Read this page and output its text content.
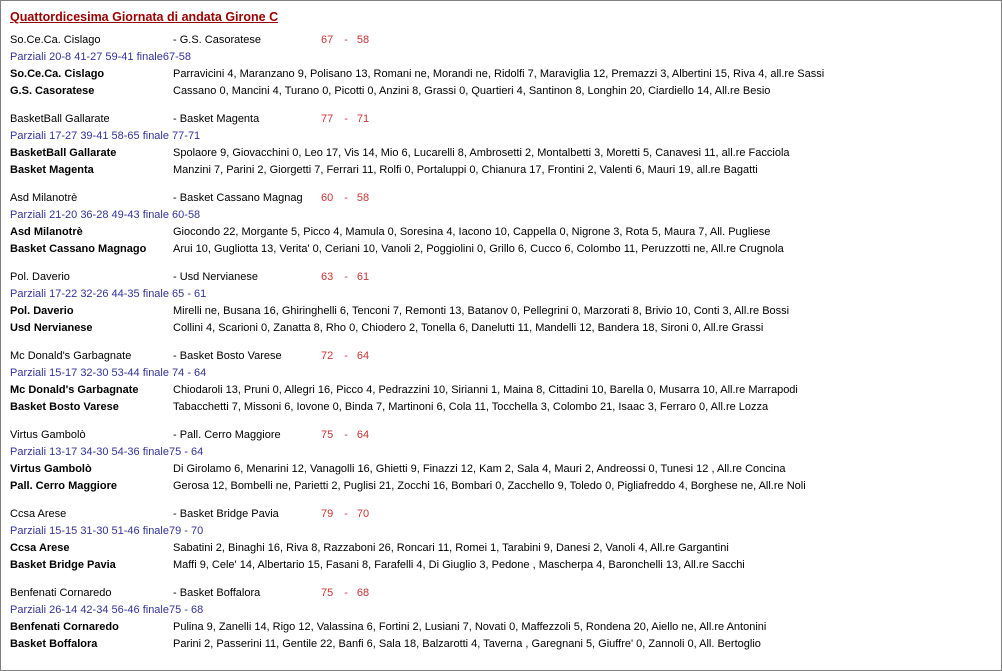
Quattordicesima Giornata di andata Girone C
So.Ce.Ca. Cislago	- G.S. Casoratese	67 - 58
Parziali 20-8 41-27 59-41 finale67-58
So.Ce.Ca. Cislago	Parravicini 4, Maranzano 9, Polisano 13, Romani ne, Morandi ne, Ridolfi 7, Maraviglia 12, Premazzi 3, Albertini 15, Riva 4, all.re Sassi
G.S. Casoratese	Cassano 0, Mancini 4, Turano 0, Picotti 0, Anzini 8, Grassi 0, Quartieri 4, Santinon 8, Longhin 20, Ciardiello 14, All.re Besio
BasketBall Gallarate	- Basket Magenta	77 - 71
Parziali 17-27 39-41 58-65 finale 77-71
BasketBall Gallarate	Spolaore 9, Giovacchini 0, Leo 17, Vis 14, Mio 6, Lucarelli 8, Ambrosetti 2, Montalbetti 3, Moretti 5, Canavesi 11, all.re Facciola
Basket Magenta	Manzini 7, Parini 2, Giorgetti 7, Ferrari 11, Rolfi 0, Portaluppi 0, Chianura 17, Frontini 2, Valenti 6, Mauri 19, all.re Bagatti
Asd Milanotrè	- Basket Cassano Magnag 60 - 58
Parziali 21-20 36-28 49-43 finale 60-58
Asd Milanotrè	Giocondo 22, Morgante 5, Picco 4, Mamula 0, Soresina 4, Iacono 10, Cappella 0, Nigrone 3, Rota 5, Maura 7, All. Pugliese
Basket Cassano Magnago	Arui 10, Gugliotta 13, Verita' 0, Ceriani 10, Vanoli 2, Poggiolini 0, Grillo 6, Cucco 6, Colombo 11, Peruzzotti ne, All.re Crugnola
Pol. Daverio	- Usd Nervianese	63 - 61
Parziali 17-22 32-26 44-35 finale 65 - 61
Pol. Daverio	Mirelli ne, Busana 16, Ghiringhelli 6, Tenconi 7, Remonti 13, Batanov 0, Pellegrini 0, Marzorati 8, Brivio 10, Conti 3, All.re Bossi
Usd Nervianese	Collini 4, Scarioni 0, Zanatta 8, Rho 0, Chiodero 2, Tonella 6, Danelutti 11, Mandelli 12, Bandera 18, Sironi 0, All.re Grassi
Mc Donald's Garbagnate	- Basket Bosto Varese	72 - 64
Parziali 15-17 32-30 53-44 finale 74 - 64
Mc Donald's Garbagnate	Chiodaroli 13, Pruni 0, Allegri 16, Picco 4, Pedrazzini 10, Sirianni 1, Maina 8, Cittadini 10, Barella 0, Musarra 10, All.re Marrapodi
Basket Bosto Varese	Tabacchetti 7, Missoni 6, Iovone 0, Binda 7, Martinoni 6, Cola 11, Tocchella 3, Colombo 21, Isaac 3, Ferraro 0, All.re Lozza
Virtus Gambolò	- Pall. Cerro Maggiore	75 - 64
Parziali 13-17 34-30 54-36 finale75 - 64
Virtus Gambolò	Di Girolamo 6, Menarini 12, Vanagolli 16, Ghietti 9, Finazzi 12, Kam 2, Sala 4, Mauri 2, Andreossi 0, Tunesi 12 , All.re Concina
Pall. Cerro Maggiore	Gerosa 12, Bombelli ne, Parietti 2, Puglisi 21, Zocchi 16, Bombari 0, Zacchello 9, Toledo 0, Pigliafreddo 4, Borghese ne, All.re Noli
Ccsa Arese	- Basket Bridge Pavia	79 - 70
Parziali 15-15 31-30 51-46 finale79 - 70
Ccsa Arese	Sabatini 2, Binaghi 16, Riva 8, Razzaboni 26, Roncari 11, Romei 1, Tarabini 9, Danesi 2, Vanoli 4, All.re Gargantini
Basket Bridge Pavia	Maffi 9, Cele' 14, Albertario 15, Fasani 8, Farafelli 4, Di Giuglio 3, Pedone , Mascherpa 4, Baronchelli 13, All.re Sacchi
Benfenati Cornaredo	- Basket Boffalora	75 - 68
Parziali 26-14 42-34 56-46 finale75 - 68
Benfenati Cornaredo	Pulina 9, Zanelli 14, Rigo 12, Valassina 6, Fortini 2, Lusiani 7, Novati 0, Maffezzoli 5, Rondena 20, Aiello ne, All.re Antonini
Basket Boffalora	Parini 2, Passerini 11, Gentile 22, Banfi 6, Sala 18, Balzarotti 4, Taverna , Garegnani 5, Giuffre' 0, Zannoli 0, All. Bertoglio
